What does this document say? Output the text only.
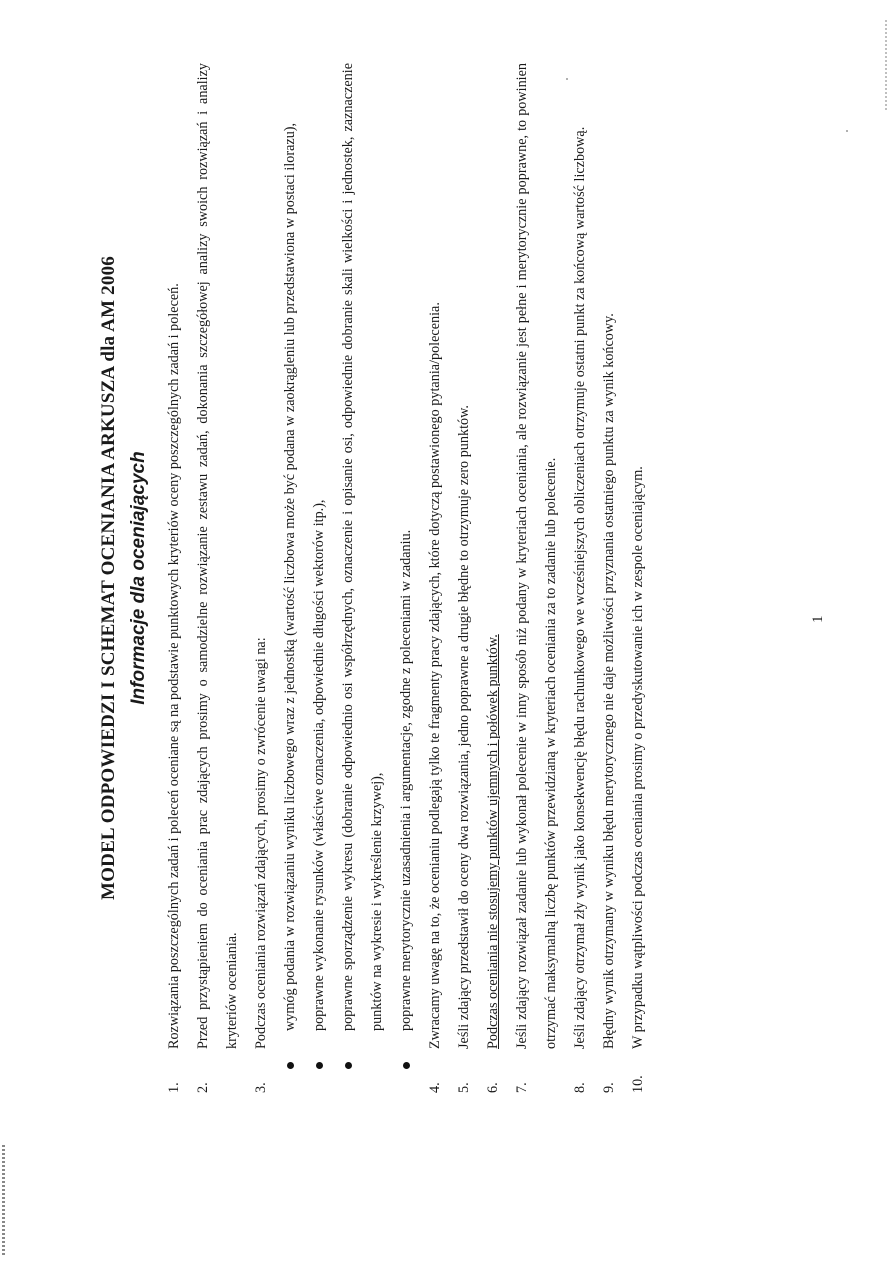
MODEL ODPOWIEDZI I SCHEMAT OCENIANIA ARKUSZA dla AM 2006 Informacje dla oceniających
1.
Rozwiązania poszczególnych zadań i poleceń oceniane są na podstawie punktowych kryteriów oceny poszczególnych zadań i poleceń.
2.
Przed przystąpieniem do oceniania prac zdających prosimy o samodzielne rozwiązanie zestawu zadań, dokonania szczegółowej analizy swoich rozwiązań i analizy kryteriów oceniania.
3.
Podczas oceniania rozwiązań zdających, prosimy o zwrócenie uwagi na: wymóg podania w rozwiązaniu wyniku liczbowego wraz z jednostką (wartość liczbowa może być podana w zaokrągleniu lub przedstawiona w postaci ilorazu), poprawne wykonanie rysunków (właściwe oznaczenia, odpowiednie długości wektorów itp.), poprawne sporządzenie wykresu (dobranie odpowiednio osi współrzędnych, oznaczenie i opisanie osi, odpowiednie dobranie skali wielkości i jednostek, zaznaczenie punktów na wykresie i wykreślenie krzywej), poprawne merytorycznie uzasadnienia i argumentacje, zgodne z poleceniami w zadaniu.
4.
Zwracamy uwagę na to, że ocenianiu podlegają tylko te fragmenty pracy zdających, które dotyczą postawionego pytania/polecenia.
5.
Jeśli zdający przedstawił do oceny dwa rozwiązania, jedno poprawne a drugie błędne to otrzymuje zero punktów.
6.
Podczas oceniania nie stosujemy punktów ujemnych i połówek punktów.
7.
Jeśli zdający rozwiązał zadanie lub wykonał polecenie w inny sposób niż podany w kryteriach oceniania, ale rozwiązanie jest pełne i merytorycznie poprawne, to powinien otrzymać maksymalną liczbę punktów przewidzianą w kryteriach oceniania za to zadanie lub polecenie.
8.
Jeśli zdający otrzymał zły wynik jako konsekwencję błędu rachunkowego we wcześniejszych obliczeniach otrzymuje ostatni punkt za końcową wartość liczbową.
9.
Błędny wynik otrzymany w wyniku błędu merytorycznego nie daje możliwości przyznania ostatniego punktu za wynik końcowy.
10.
W przypadku wątpliwości podczas oceniania prosimy o przedyskutowanie ich w zespole oceniającym.	1
